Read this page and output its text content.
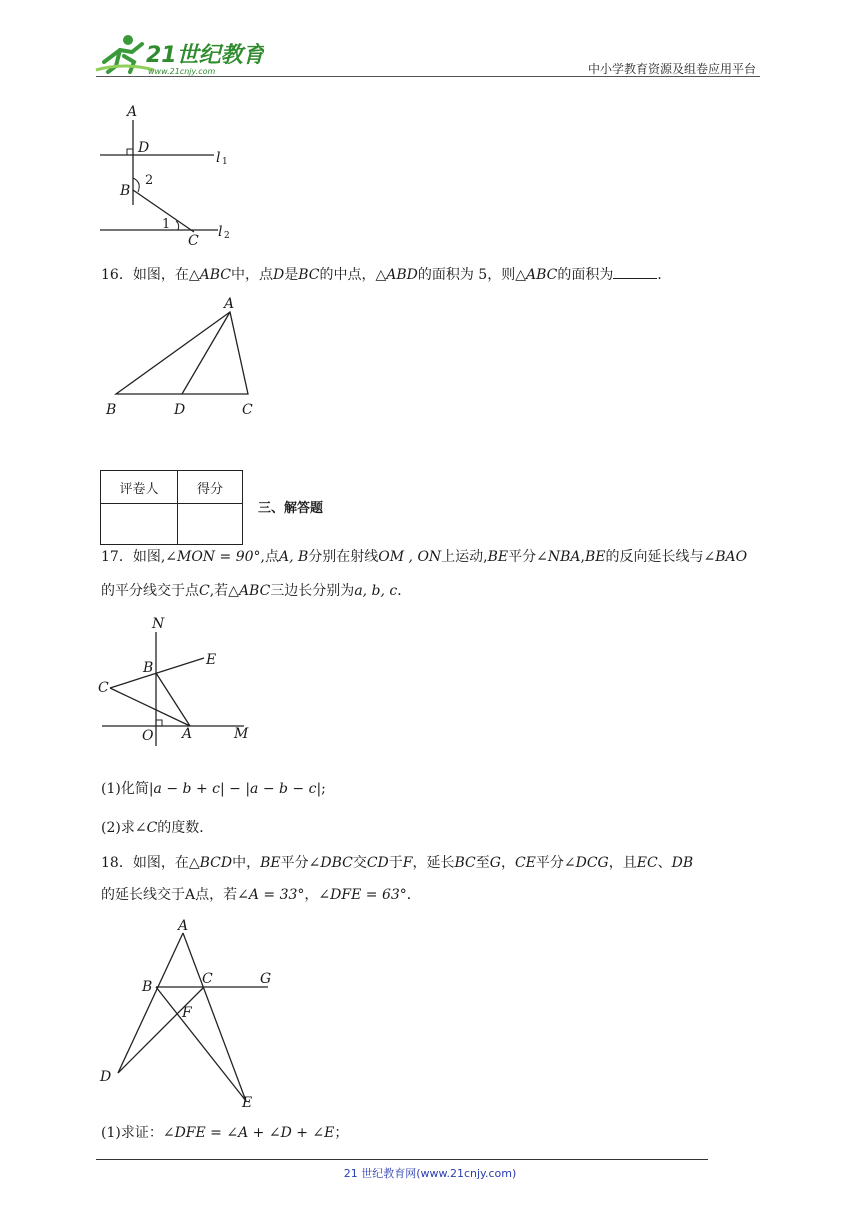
21世纪教育
www.21cnjy.com	中小学教育资源及组卷应用平台
A
D
B
C
l 1
l 2
1
2
16．如图，在△ABC中，点D是BC的中点，△ABD的面积为 5，则△ABC的面积为	．
A
B	D	C
评卷人	得分

三、解答题
17．如图,∠MON = 90°,点A, B分别在射线OM , ON上运动,BE平分∠NBA,BE的反向延长线与∠BAO
的平分线交于点C,若△ABC三边长分别为a, b, c．
N
B	E
C
O A	M
(1)化简|a − b + c| − |a − b − c|;
(2)求∠C的度数．
18．如图，在△BCD中，BE平分∠DBC交CD于F，延长BC至G，CE平分∠DCG，且EC、DB
的延长线交于A点，若∠A = 33°，∠DFE = 63°．
A
B	C	G
F
D
E
(1)求证：∠DFE = ∠A + ∠D + ∠E；
21 世纪教育网(www.21cnjy.com)
